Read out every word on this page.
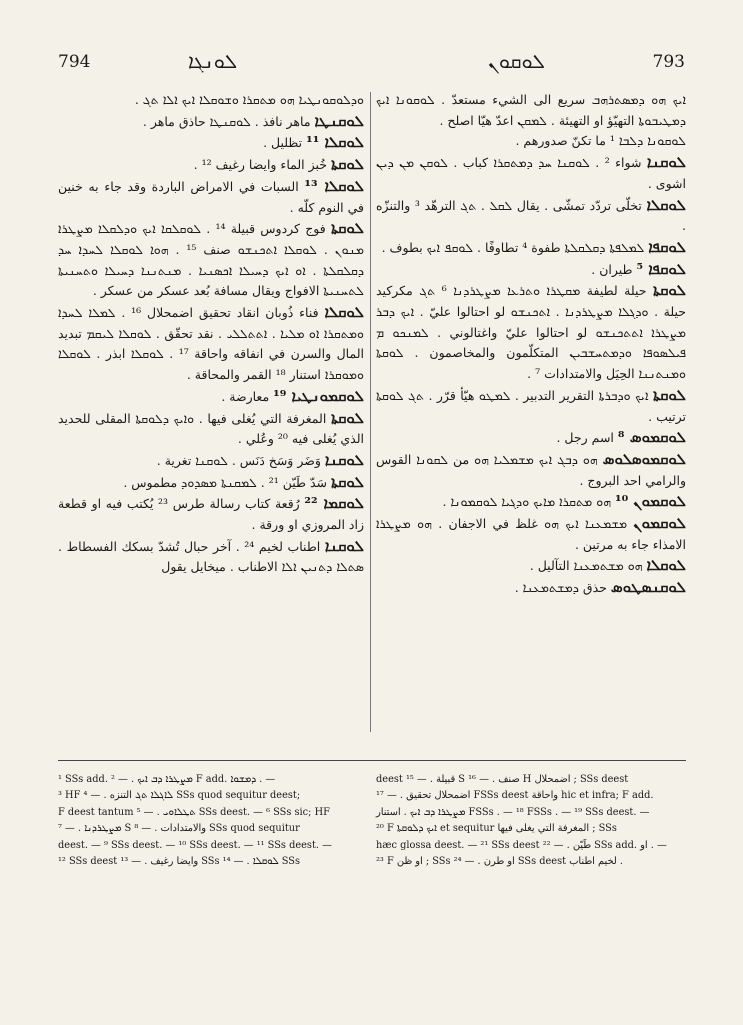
794	ܠܘܢܓܐ	ܠܘܩܘܢ	793

ܘܕܠܘܩܘܢܛܝܐ ܗܘ ܡܬܩܪܐ ܘܫܘܩܠܐ ܐܝܟ ܐܠܐ ܬܓ .

ܠܘܩܢܛܐ ماهر نافذ . ܠܘܩܢܛܐ حاذق ماهر .

ܠܘܩܠܐ ¹¹ تظليل .

ܠܘܩܬܐ خُبز الماء وايضا رغيف ¹² .

ܠܘܩܠܐ ¹³ السبات في الامراض الباردة وقد جاء به خنين في النوم كلّه .

ܠܘܩܬܐ فوج كردوس قبيلة ¹⁴ . ܠܘܩܠܩܐ ܐܝܟ ܘܕܠܩܠܐ ܡܨܛܪܐ ܡܢܘܢ . ܠܘܩܠܐ ܐܬܟܢܫܘ صنف ¹⁵ . ܗܘܐ ܠܘܩܠܐ ܠܚܕܐ ܚܕ ܕܩܠܩܠܬܐ . ܐܘ ܐܝܟ ܕܚܝܠܐ ܐܟܣܢܝܐ . ܡܢܬܢܢܐ ܕܚܝܠܐ ܘܬܚܢܝܬܐ ܠܬܚܢܝܬܐ الافواج ويقال مسافة بُعد عسكر من عسكر .

ܠܘܩܠܐ فناء ذُوبان انقاد تحقيق اضمحلال ¹⁶ . ܠܡܠܐ ܠܚܕܐ ܘܡܬܩܪܐ ܐܘ ܡܠܝܐ . ܐܬܬܠܠܝ . نقد تحقّق . ܠܘܩܠܐ ܠܝܩܡ تبديد المال والسرن في انفاقه واحاقة ¹⁷ . ܠܘܩܠܐ ابذر . ܠܘܩܠܐ ܘܡܘܩܪܐ استنار ¹⁸ القمر والمحاقة .

ܠܘܩܡܘܢܛܝܐ ¹⁹ معارضة .

ܠܘܩܬܐ المغرفة التي يُغلى فيها . ܘܐܝܟ ܕܠܘܩܬܐ المقلى للحديد الذي يُغلى فيه ²⁰ وعُلي .

ܠܘܩܢܐ وَضَر وَسَخ دَنَس . ܠܘܩܢܐ تغرية .

ܠܘܩܬܐ سَدّ طَيّن ²¹ . ܠܡܩܢܬܐ ܡܣܕܘܕ مطموس .

ܠܘܩܡܐ ²² رُقعة كتاب رسالة طرس ²³ يُكتب فيه او قطعة زاد المروزي او ورقة .

ܠܘܩܢܐ اطناب لخيم ²⁴ . آخر حبال تُشدّ بسكك الفسطاط . ܣܬܠܐ ܕܬܢܝܢ ܐܠܐ الاطناب . ميخايل يقول

ܐܝܟ ܗܘ ܕܡܣܬܪܗܒ سريع الى الشيء مستعدّ . ܠܘܩܘܢܐ ܐܝܟ ܕܡܛܝܒܘܬܐ التهيّؤ او التهيئة . ܠܡܩܢ اعدّ هيّا اصلح .

ܠܘܩܘܢܐ ܕܠܒܐ ¹ ما تكنّ صدورهم .

ܠܘܩܢܐ شواء ² . ܠܘܩܢܐ ܚܕ ܕܡܬܩܪܐ كباب . ܠܘܩܢ ܡܢ ܕܝܢ اشوى .

ܠܘܩܠܐ تخلّى تردّد تمشّى . يقال ܠܩܠ . ܬܓ الترهّد ³ والتنزّه .

ܠܘܩܦܐ ܠܡܠܦܬܐ ܕܩܠܩܠܬܐ طفوة ⁴ تطاوفًا . ܠܘܩܦ ܐܝܟ بطوف .

ܠܘܩܦܐ ⁵ طيران .

ܠܘܩܬܐ حيلة لطيفة ܡܩܛܪܐ ܘܬܪܥܐ ܡܨܛܪܕܢܐ ⁶ ܬܓ مكركيد حيلة . ܘܕܓܠܐ ܡܨܛܪܕܢܐ . ܐܬܟܢܫܘ لو احتالوا عليّ . ܐܝܟ ܕܒܪ ܡܨܛܪܐ ܐܬܬܟܢܫܘ لو احتالوا عليّ واغتالوني . ܠܡܢܟܘ ܡ ܦܝܠܣܘܦܐ ܘܕܡܬܚܫܒܝܢ المتكلّمون والمخاصمون . ܠܘܩܬܐ ܘܡܢܬܢܢܐ الحِيَل والامتدادات ⁷ .

ܠܘܩܬܐ ܐܝܟ ܘܕܒܪܬܐ التقرير التدبير . ܠܡܛܘ هيّأ قرّر . ܬܓ ܠܘܩܬܐ ترتيب .

ܠܘܩܡܘܣ ⁸ اسم رجل .

ܠܘܩܡܘܣܠܘܣ ܗܘ ܕܒܓ ܐܝܟ ܡܫܡܠܝܐ ܗܘ من ܠܩܘܢܐ القوس والرامي احد البروج .

ܠܘܩܡܘܢ ¹⁰ ܗܘ ܡܬܩܪܐ ܡܐܝܟ ܘܕܓܝܐ ܠܘܩܡܘܢܐ .

ܠܘܩܡܘܢ ܡܫܡܥܢܐ ܐܝܟ ܗܘ غلظ في الاجفان . ܗܘ ܡܨܛܪܐ الامذاء جاء به مرتين .

ܠܘܩܠܐ ܗܘ ܡܫܬܡܥܢܐ التآليل .

ܠܘܩܢܣܛܘܣ حذق ܕܡܫܬܡܥܢܐ .

¹ SSs add. ܡܨܛܪܐ ܕܒ ܐܝܟ . — ² F add. ܕܡܫܘܐ . —

³ HF ܠܐܓܠܐ ܬܓ التنزه . — ⁴ SSs quod sequitur deest;

F deest tantum ܬܛܠܐܘܝ . — ⁵ SSs deest. — ⁶ SSs sic; HF

ܡܨܛܪܕܢܐ . — ⁷ S والامتدادات . — ⁸ SSs quod sequitur

deest. — ⁹ SSs deest. — ¹⁰ SSs deest. — ¹¹ SSs deest. —

¹² SSs deest وايضا رغيف . — ¹³ SSs ܠܘܩܠܐ . — ¹⁴ SSs

deest قبيلة . — ¹⁵ S صنف . — ¹⁶ H اضمحلال ; SSs deest

اضمحلال تحقيق . — ¹⁷ FSSs deest واحاقة hic et infra; F add.

ܡܨܛܪܐ ܕܒ ܐܝܟ . استنار FSSs . — ¹⁸ FSSs . — ¹⁹ SSs deest. —

²⁰ F ܐܝܟ ܕܠܘܩܬܐ et sequitur المغرفة التي يغلى فيها ; SSs

hæc glossa deest. — ²¹ SSs deest طَيّن . — ²² SSs add. او . —

²³ F او ظن ; SSs او طرن . — ²⁴ SSs deest لخيم اطناب .
